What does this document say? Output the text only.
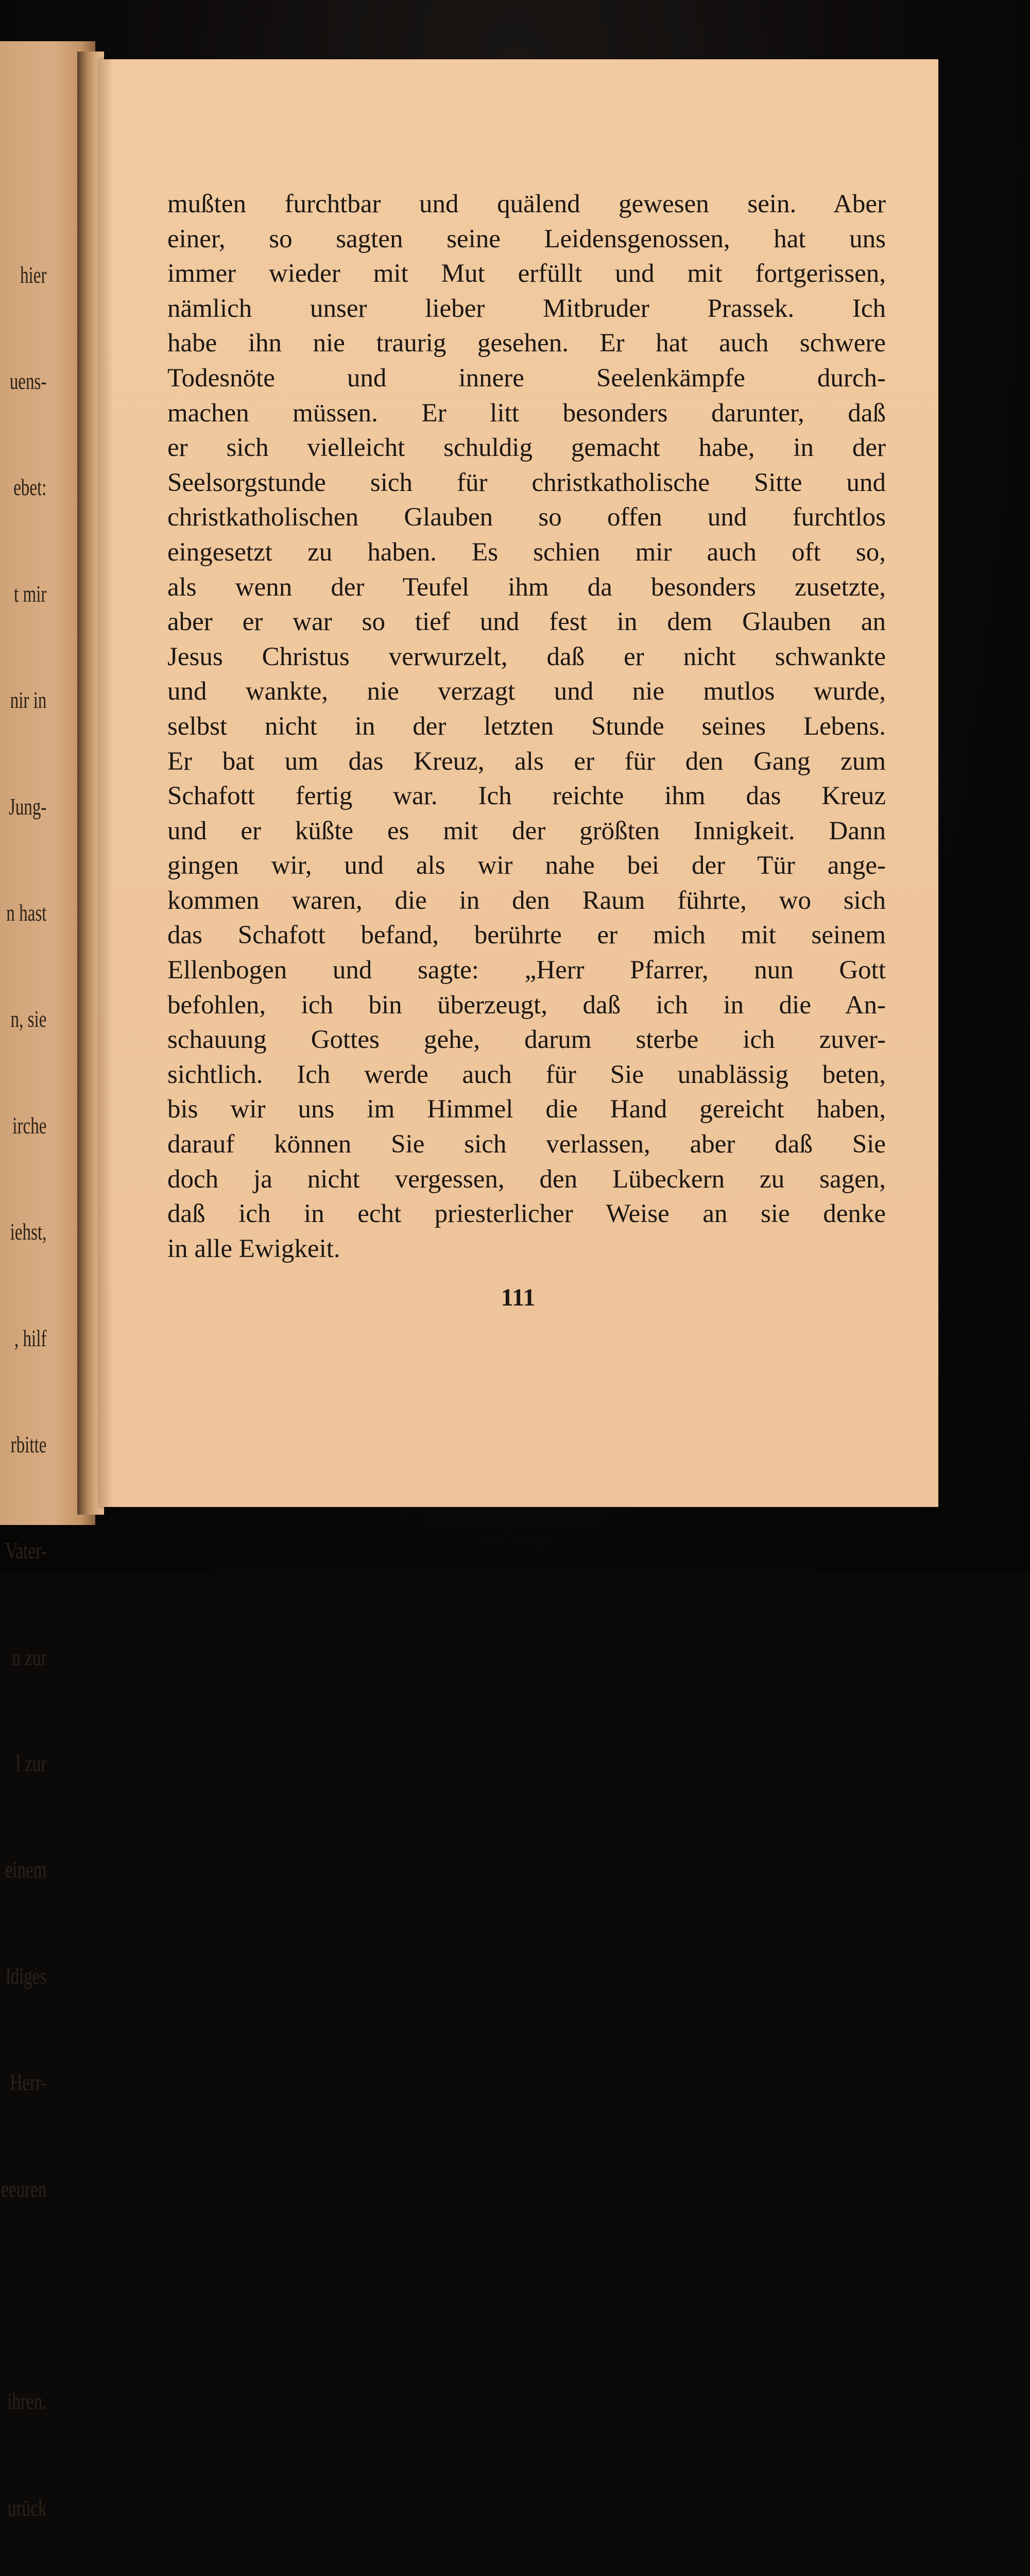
hier

uens-

ebet:

t mir

nir in

Jung-

n hast

n, sie

irche

iehst,

, hilf

rbitte

Vater-

n zur

l zur

einem

ldiges

Herr-

eeuren

ihren.

urück

mußten furchtbar und quälend gewesen sein. Aber
einer, so sagten seine Leidensgenossen, hat uns
immer wieder mit Mut erfüllt und mit fortgerissen,
nämlich unser lieber Mitbruder Prassek. Ich
habe ihn nie traurig gesehen. Er hat auch schwere
Todesnöte und innere Seelenkämpfe durch-
machen müssen. Er litt besonders darunter, daß
er sich vielleicht schuldig gemacht habe, in der
Seelsorgstunde sich für christkatholische Sitte und
christkatholischen Glauben so offen und furchtlos
eingesetzt zu haben. Es schien mir auch oft so,
als wenn der Teufel ihm da besonders zusetzte,
aber er war so tief und fest in dem Glauben an
Jesus Christus verwurzelt, daß er nicht schwankte
und wankte, nie verzagt und nie mutlos wurde,
selbst nicht in der letzten Stunde seines Lebens.
Er bat um das Kreuz, als er für den Gang zum
Schafott fertig war. Ich reichte ihm das Kreuz
und er küßte es mit der größten Innigkeit. Dann
gingen wir, und als wir nahe bei der Tür ange-
kommen waren, die in den Raum führte, wo sich
das Schafott befand, berührte er mich mit seinem
Ellenbogen und sagte: „Herr Pfarrer, nun Gott
befohlen, ich bin überzeugt, daß ich in die An-
schauung Gottes gehe, darum sterbe ich zuver-
sichtlich. Ich werde auch für Sie unablässig beten,
bis wir uns im Himmel die Hand gereicht haben,
darauf können Sie sich verlassen, aber daß Sie
doch ja nicht vergessen, den Lübeckern zu sagen,
daß ich in echt priesterlicher Weise an sie denke
in alle Ewigkeit.
111
